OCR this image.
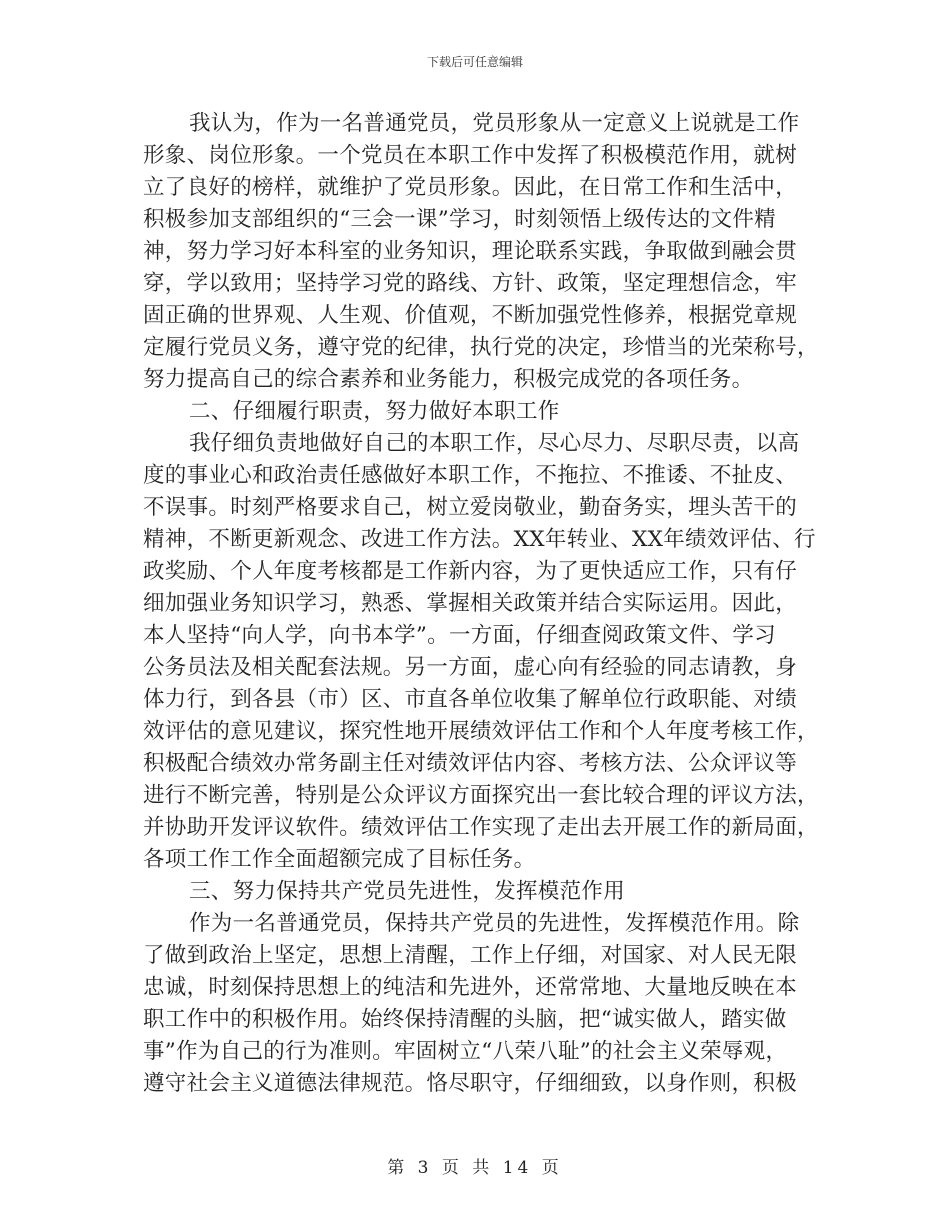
下载后可任意编辑
我认为，作为一名普通党员，党员形象从一定意义上说就是工作
形象、岗位形象。一个党员在本职工作中发挥了积极模范作用，就树
立了良好的榜样，就维护了党员形象。因此，在日常工作和生活中，
积极参加支部组织的“三会一课”学习，时刻领悟上级传达的文件精
神，努力学习好本科室的业务知识，理论联系实践，争取做到融会贯
穿，学以致用；坚持学习党的路线、方针、政策，坚定理想信念，牢
固正确的世界观、人生观、价值观，不断加强党性修养，根据党章规
定履行党员义务，遵守党的纪律，执行党的决定，珍惜当的光荣称号，
努力提高自己的综合素养和业务能力，积极完成党的各项任务。
二、仔细履行职责，努力做好本职工作
我仔细负责地做好自己的本职工作，尽心尽力、尽职尽责，以高
度的事业心和政治责任感做好本职工作，不拖拉、不推诿、不扯皮、
不误事。时刻严格要求自己，树立爱岗敬业，勤奋务实，埋头苦干的
精神，不断更新观念、改进工作方法。XX年转业、XX年绩效评估、行
政奖励、个人年度考核都是工作新内容，为了更快适应工作，只有仔
细加强业务知识学习，熟悉、掌握相关政策并结合实际运用。因此，
本人坚持“向人学，向书本学”。一方面，仔细查阅政策文件、学习
公务员法及相关配套法规。另一方面，虚心向有经验的同志请教，身
体力行，到各县（市）区、市直各单位收集了解单位行政职能、对绩
效评估的意见建议，探究性地开展绩效评估工作和个人年度考核工作，
积极配合绩效办常务副主任对绩效评估内容、考核方法、公众评议等
进行不断完善，特别是公众评议方面探究出一套比较合理的评议方法，
并协助开发评议软件。绩效评估工作实现了走出去开展工作的新局面，
各项工作工作全面超额完成了目标任务。
三、努力保持共产党员先进性，发挥模范作用
作为一名普通党员，保持共产党员的先进性，发挥模范作用。除
了做到政治上坚定，思想上清醒，工作上仔细，对国家、对人民无限
忠诚，时刻保持思想上的纯洁和先进外，还常常地、大量地反映在本
职工作中的积极作用。始终保持清醒的头脑，把“诚实做人，踏实做
事”作为自己的行为准则。牢固树立“八荣八耻”的社会主义荣辱观，
遵守社会主义道德法律规范。恪尽职守，仔细细致，以身作则，积极
第 3 页 共 14 页
